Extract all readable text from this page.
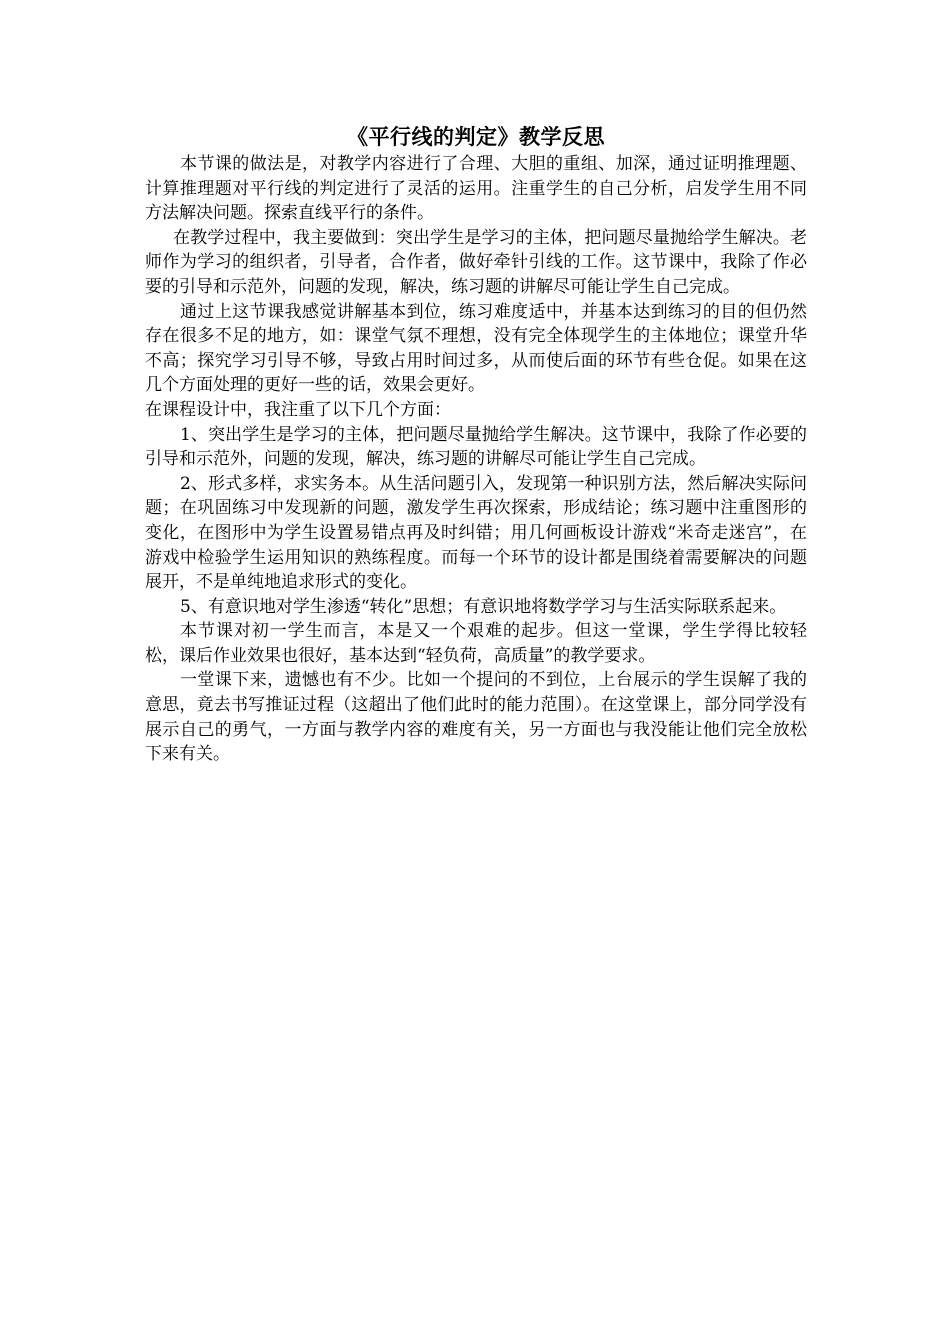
《平行线的判定》教学反思

本节课的做法是，对教学内容进行了合理、大胆的重组、加深，通过证明推理题、计算推理题对平行线的判定进行了灵活的运用。注重学生的自己分析，启发学生用不同方法解决问题。探索直线平行的条件。

在教学过程中，我主要做到：突出学生是学习的主体，把问题尽量抛给学生解决。老师作为学习的组织者，引导者，合作者，做好牵针引线的工作。这节课中，我除了作必要的引导和示范外，问题的发现，解决，练习题的讲解尽可能让学生自己完成。

通过上这节课我感觉讲解基本到位，练习难度适中，并基本达到练习的目的但仍然存在很多不足的地方，如：课堂气氛不理想，没有完全体现学生的主体地位；课堂升华不高；探究学习引导不够，导致占用时间过多，从而使后面的环节有些仓促。如果在这几个方面处理的更好一些的话，效果会更好。

在课程设计中，我注重了以下几个方面：

1、突出学生是学习的主体，把问题尽量抛给学生解决。这节课中，我除了作必要的引导和示范外，问题的发现，解决，练习题的讲解尽可能让学生自己完成。

2、形式多样，求实务本。从生活问题引入，发现第一种识别方法，然后解决实际问题；在巩固练习中发现新的问题，激发学生再次探索，形成结论；练习题中注重图形的变化，在图形中为学生设置易错点再及时纠错；用几何画板设计游戏“米奇走迷宫”，在游戏中检验学生运用知识的熟练程度。而每一个环节的设计都是围绕着需要解决的问题展开，不是单纯地追求形式的变化。

5、有意识地对学生渗透“转化”思想；有意识地将数学学习与生活实际联系起来。

本节课对初一学生而言，本是又一个艰难的起步。但这一堂课，学生学得比较轻松，课后作业效果也很好，基本达到“轻负荷，高质量”的教学要求。

一堂课下来，遗憾也有不少。比如一个提问的不到位，上台展示的学生误解了我的意思，竟去书写推证过程（这超出了他们此时的能力范围）。在这堂课上，部分同学没有展示自己的勇气，一方面与教学内容的难度有关，另一方面也与我没能让他们完全放松下来有关。
